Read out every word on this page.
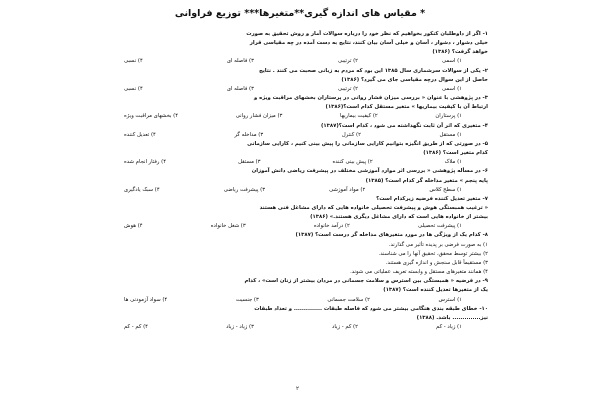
* مقیاس های اندازه گیری**متغیرها*** توزیع فراوانی
۱- اگر از داوطلبان کنکور بخواهیم که نظر خود را درباره سوالات آمار و روش تحقیق به صورت
خیلی دشوار ، دشوار ، آسان و خیلی آسان بیان کنند، نتایج به دست آمده در چه مقیاسی قرار
خواهد گرفت؟ (۱۳۸۶)
۱) اسمی
۲) ترتیبی
۳) فاصله ای
۴) نسبی
۲- یکی از سوالات سرشماری سال ۱۳۸۵ این بود که مردم به زبانی صحبت می کنند . نتایج
حاصل از این سوال درچه مقیاسی جای می گیرد؟ (۱۳۸۶)
۱) اسمی
۲) ترتیبی
۳) فاصله ای
۴) نسبی
۳- در پژوهشی با عنوان « بررسی میزان فشار روانی در پرستاران بخشهای مراقبت ویژه و
ارتباط آن با کیفیت بیماریها » متغیر مستقل کدام است؟(۱۳۸۶)
۱) پرستاران
۲) کیفیت بیماریها
۳) میزان فشار روانی
۴) بخشهای مراقبت ویژه
۴- متغیری که اثر آن ثابت نگهداشته می شود ، کدام است؟(۱۳۸۷)
۱) مستقل
۲) کنترل
۳) مداخله گر
۴) تعدیل کننده
۵- در صورتی که از طریق انگیزه بتوانیم کارایی سازمانی را پیش بینی کنیم ، کارایی سازمانی
کدام متغیر است؟ (۱۳۸۶)
۱) ملاک
۲) پیش بینی کننده
۳) مستقل
۴) رفتار انجام شده
۶- در مسأله پژوهشی « بررسی اثر موارد آموزشی مختلف در پیشرفت ریاضی دانش آموزان
پایه پنجم » متغیر مداخله گر کدام است؟ (۱۳۸۵)
۱) سطح کلاس
۲) مواد آموزشی
۳) پیشرفت ریاضی
۴) سبک یادگیری
۷- متغیر تعدیل کننده فرضیه زیرکدام است؟
« ترغیب همبستگی هوش و پیشرفت تحصیلی خانواده هایی که دارای مشاغل فنی هستند
بیشتر از خانواده هایی است که دارای مشاغل دیگری هستند.» (۱۳۸۶)
۱) پیشرفت تحصیلی
۲) درآمد خانواده
۳) شغل خانواده
۴) هوش
۸- کدام یک از ویژگی ها در مورد متغیرهای مداخله گر درست است؟ (۱۳۸۷)
۱) به صورت فرضی بر پدیده تأثیر می گذارند.
۲) بیشتر توسط محقق، تحقیق آنها را می شناسند.
۳) مستقیماً قابل سنجش و اندازه گیری هستند.
۴) همانند متغیرهای مستقل و وابسته تعریف عملیاتی می شوند.
۹- در فرضیه « همبستگی بین استرس و سلامت جسمانی در مردان بیشتر از زنان است» ، کدام
یک از متغیرها تعدیل کننده است؟ (۱۳۸۷)
۱) استرس
۲) سلامت جسمانی
۳) جنسیت
۴) سواد آزمودنی ها
۱۰- خطای طبقه بندی هنگامی بیشتر می شود که فاصله طبقات .............. و تعداد طبقات
نیز.............. باشد. (۱۳۸۸)
۱) زیاد - کم
۲) کم - زیاد
۳) زیاد - زیاد
۴) کم - کم
۲
